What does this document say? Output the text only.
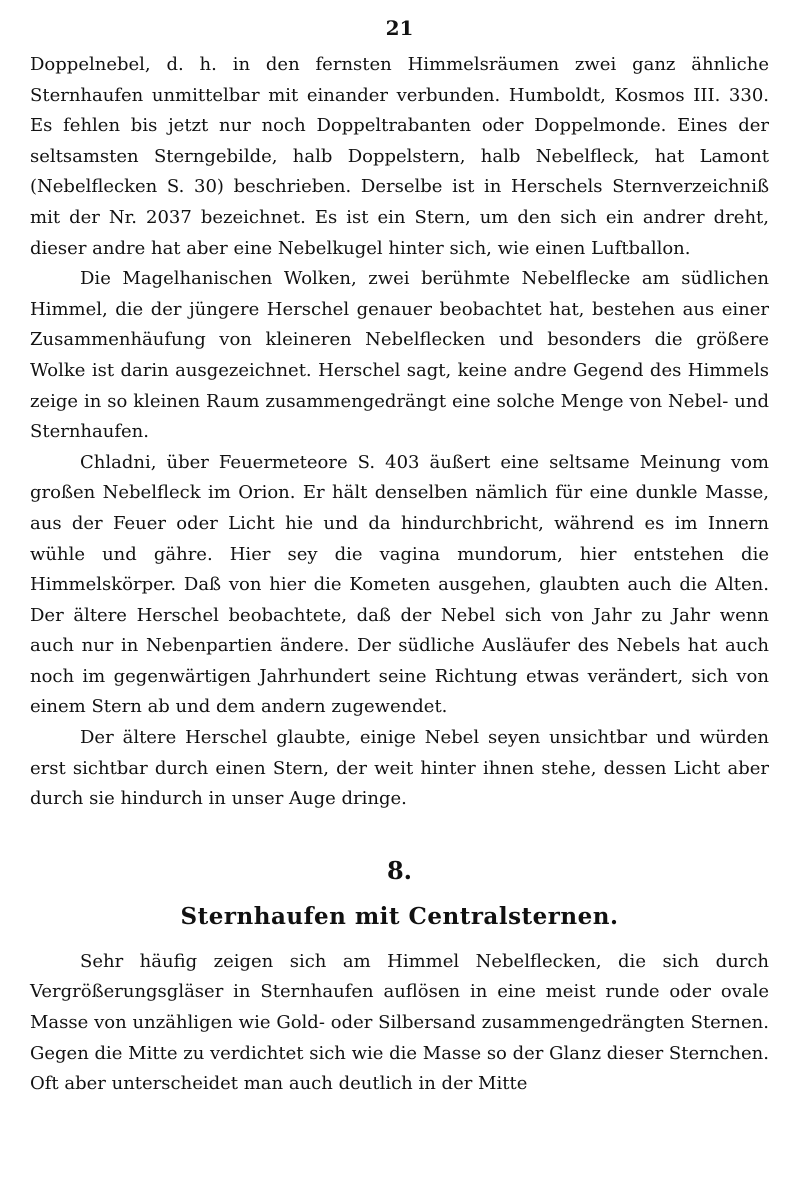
21

Doppelnebel, d. h. in den fernsten Himmelsräumen zwei ganz ähnliche Sternhaufen unmittelbar mit einander verbunden. Humboldt, Kosmos III. 330. Es fehlen bis jetzt nur noch Doppeltrabanten oder Doppelmonde. Eines der seltsamsten Sterngebilde, halb Doppelstern, halb Nebelfleck, hat Lamont (Nebelflecken S. 30) beschrieben. Derselbe ist in Herschels Sternverzeichniß mit der Nr. 2037 bezeichnet. Es ist ein Stern, um den sich ein andrer dreht, dieser andre hat aber eine Nebelkugel hinter sich, wie einen Luftballon.

Die Magelhanischen Wolken, zwei berühmte Nebelflecke am südlichen Himmel, die der jüngere Herschel genauer beobachtet hat, bestehen aus einer Zusammenhäufung von kleineren Nebelflecken und besonders die größere Wolke ist darin ausgezeichnet. Herschel sagt, keine andre Gegend des Himmels zeige in so kleinen Raum zusammengedrängt eine solche Menge von Nebel- und Sternhaufen.

Chladni, über Feuermeteore S. 403 äußert eine seltsame Meinung vom großen Nebelfleck im Orion. Er hält denselben nämlich für eine dunkle Masse, aus der Feuer oder Licht hie und da hindurchbricht, während es im Innern wühle und gähre. Hier sey die vagina mundorum, hier entstehen die Himmelskörper. Daß von hier die Kometen ausgehen, glaubten auch die Alten. Der ältere Herschel beobachtete, daß der Nebel sich von Jahr zu Jahr wenn auch nur in Nebenpartien ändere. Der südliche Ausläufer des Nebels hat auch noch im gegenwärtigen Jahrhundert seine Richtung etwas verändert, sich von einem Stern ab und dem andern zugewendet.

Der ältere Herschel glaubte, einige Nebel seyen unsichtbar und würden erst sichtbar durch einen Stern, der weit hinter ihnen stehe, dessen Licht aber durch sie hindurch in unser Auge dringe.

8.
Sternhaufen mit Centralsternen.

Sehr häufig zeigen sich am Himmel Nebelflecken, die sich durch Vergrößerungsgläser in Sternhaufen auflösen in eine meist runde oder ovale Masse von unzähligen wie Gold- oder Silbersand zusammengedrängten Sternen. Gegen die Mitte zu verdichtet sich wie die Masse so der Glanz dieser Sternchen. Oft aber unterscheidet man auch deutlich in der Mitte
